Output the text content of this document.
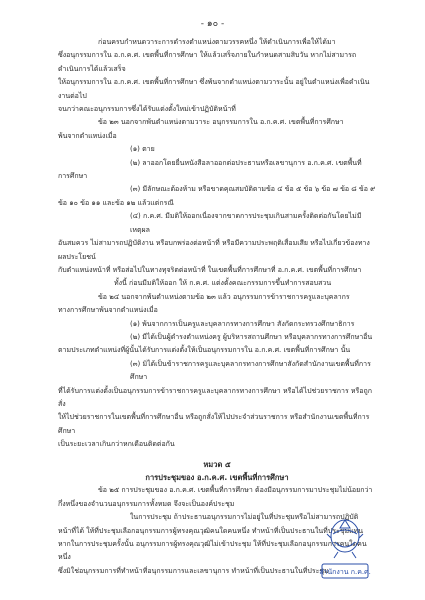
- ๑๐ -

ก่อนครบกำหนดวาระการดำรงตำแหน่งตามวรรคหนึ่ง ให้ดำเนินการเพื่อให้ได้มา

ซึ่งอนุกรรมการใน อ.ก.ค.ศ. เขตพื้นที่การศึกษา ให้แล้วเสร็จภายในกำหนดสามสิบวัน หากไม่สามารถดำเนินการได้แล้วเสร็จ

ให้อนุกรรมการใน อ.ก.ค.ศ. เขตพื้นที่การศึกษา ซึ่งพ้นจากตำแหน่งตามวาระนั้น อยู่ในตำแหน่งเพื่อดำเนินงานต่อไป

จนกว่าคณะอนุกรรมการซึ่งได้รับแต่งตั้งใหม่เข้าปฏิบัติหน้าที่

ข้อ ๒๓ นอกจากพ้นตำแหน่งตามวาระ อนุกรรมการใน อ.ก.ค.ศ. เขตพื้นที่การศึกษา

พ้นจากตำแหน่งเมื่อ

(๑) ตาย

(๒) ลาออกโดยยื่นหนังสือลาออกต่อประธานหรือเลขานุการ อ.ก.ค.ศ. เขตพื้นที่

การศึกษา

(๓) มีลักษณะต้องห้าม หรือขาดคุณสมบัติตามข้อ ๔ ข้อ ๕ ข้อ ๖ ข้อ ๗ ข้อ ๘ ข้อ ๙

ข้อ ๑๐ ข้อ ๑๑ และข้อ ๑๒ แล้วแต่กรณี

(๔) ก.ค.ศ. มีมติให้ออกเนื่องจากขาดการประชุมเกินสามครั้งติดต่อกันโดยไม่มีเหตุผล

อันสมควร ไม่สามารถปฏิบัติงาน หรือบกพร่องต่อหน้าที่ หรือมีความประพฤติเสื่อมเสีย หรือไปเกี่ยวข้องทางผลประโยชน์

กับตำแหน่งหน้าที่ หรือส่อไปในทางทุจริตต่อหน้าที่ ในเขตพื้นที่การศึกษาที่ อ.ก.ค.ศ. เขตพื้นที่การศึกษา

ทั้งนี้ ก่อนมีมติให้ออก ให้ ก.ค.ศ. แต่งตั้งคณะกรรมการขึ้นทำการสอบสวน

ข้อ ๒๔ นอกจากพ้นตำแหน่งตามข้อ ๒๓ แล้ว อนุกรรมการข้าราชการครูและบุคลากร

ทางการศึกษาพ้นจากตำแหน่งเมื่อ

(๑) พ้นจากการเป็นครูและบุคลากรทางการศึกษา สังกัดกระทรวงศึกษาธิการ

(๒) มีได้เป็นผู้ดำรงตำแหน่งครู ผู้บริหารสถานศึกษา หรือบุคลากรทางการศึกษาอื่น

ตามประเภทตำแหน่งที่ผู้นั้นได้รับการแต่งตั้งให้เป็นอนุกรรมการใน อ.ก.ค.ศ. เขตพื้นที่การศึกษา นั้น

(๓) มิได้เป็นข้าราชการครูและบุคลากรทางการศึกษาสังกัดสำนักงานเขตพื้นที่การศึกษา

ที่ได้รับการแต่งตั้งเป็นอนุกรรมการข้าราชการครูและบุคลากรทางการศึกษา หรือได้ไปช่วยราชการ หรือถูกสั่ง

ให้ไปช่วยราชการในเขตพื้นที่การศึกษาอื่น หรือถูกสั่งให้ไปประจำส่วนราชการ หรือสำนักงานเขตพื้นที่การศึกษา

เป็นระยะเวลาเกินกว่าหกเดือนติดต่อกัน

หมวด ๕

การประชุมของ อ.ก.ค.ศ. เขตพื้นที่การศึกษา

ข้อ ๒๕ การประชุมของ อ.ก.ค.ศ. เขตพื้นที่การศึกษา ต้องมีอนุกรรมการมาประชุมไม่น้อยกว่า

กึ่งหนึ่งของจำนวนอนุกรรมการทั้งหมด จึงจะเป็นองค์ประชุม

ในการประชุม ถ้าประธานอนุกรรมการไม่อยู่ในที่ประชุมหรือไม่สามารถปฏิบัติ

หน้าที่ได้ ให้ที่ประชุมเลือกอนุกรรมการผู้ทรงคุณวุฒิคนใดคนหนึ่ง ทำหน้าที่เป็นประธานในที่ประชุมแทน

หากในการประชุมครั้งนั้น อนุกรรมการผู้ทรงคุณวุฒิไม่เข้าประชุม ให้ที่ประชุมเลือกอนุกรรมการคนใดคนหนึ่ง

ซึ่งมิใช่อนุกรรมการที่ทำหน้าที่อนุกรรมการและเลขานุการ ทำหน้าที่เป็นประธานในที่ประชุม

สำนักงาน ก.ค.ศ.
